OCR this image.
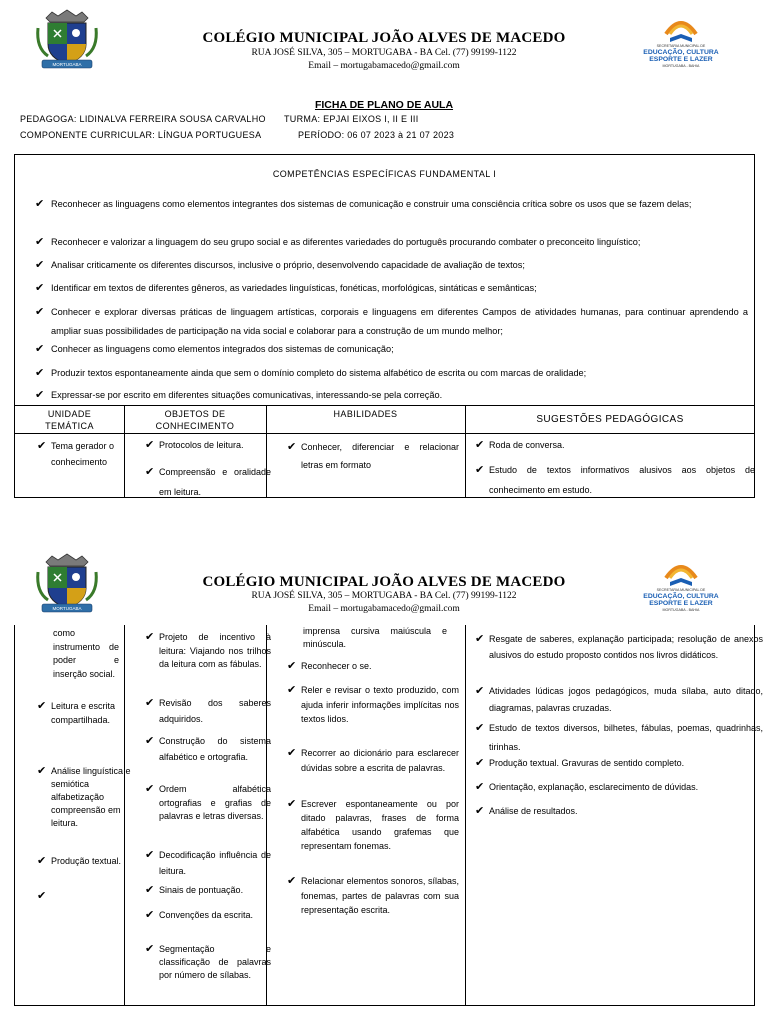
MORTUGABA
COLÉGIO MUNICIPAL JOÃO ALVES DE MACEDO
RUA JOSÉ SILVA, 305 – MORTUGABA - BA Cel. (77) 99199-1122
Email – mortugabamacedo@gmail.com
SECRETARIA MUNICIPAL DE
EDUCAÇÃO, CULTURA
ESPORTE E LAZER
MORTUGABA - BAHIA
FICHA DE PLANO DE AULA
PEDAGOGA: LIDINALVA FERREIRA SOUSA CARVALHO TURMA: EPJAI EIXOS I, II E III
COMPONENTE CURRICULAR: LÍNGUA PORTUGUESA	PERÍODO: 06 07 2023 à 21 07 2023
COMPETÊNCIAS ESPECÍFICAS FUNDAMENTAL I
✔ Reconhecer as linguagens como elementos integrantes dos sistemas de comunicação e construir uma consciência crítica sobre os usos que se fazem delas;
✔ Reconhecer e valorizar a linguagem do seu grupo social e as diferentes variedades do português procurando combater o preconceito linguístico;
✔ Analisar criticamente os diferentes discursos, inclusive o próprio, desenvolvendo capacidade de avaliação de textos;
✔ Identificar em textos de diferentes gêneros, as variedades linguísticas, fonéticas, morfológicas, sintáticas e semânticas;
✔ Conhecer e explorar diversas práticas de linguagem artísticas, corporais e linguagens em diferentes Campos de atividades humanas, para continuar aprendendo a ampliar suas possibilidades de participação na vida social e colaborar para a construção de um mundo melhor;
✔ Conhecer as linguagens como elementos integrados dos sistemas de comunicação;
✔ Produzir textos espontaneamente ainda que sem o domínio completo do sistema alfabético de escrita ou com marcas de oralidade;
✔ Expressar-se por escrito em diferentes situações comunicativas, interessando-se pela correção.
UNIDADE
TEMÁTICA
OBJETOS DE
CONHECIMENTO
HABILIDADES	SUGESTÕES PEDAGÓGICAS
✔ Tema gerador o conhecimento
✔ Protocolos de leitura.
✔ Compreensão e oralidade em leitura.
✔ Conhecer, diferenciar e relacionar letras em formato
✔ Roda de conversa.
✔ Estudo de textos informativos alusivos aos objetos de conhecimento em estudo.
MORTUGABA
COLÉGIO MUNICIPAL JOÃO ALVES DE MACEDO
RUA JOSÉ SILVA, 305 – MORTUGABA - BA Cel. (77) 99199-1122
Email – mortugabamacedo@gmail.com
SECRETARIA MUNICIPAL DE
EDUCAÇÃO, CULTURA
ESPORTE E LAZER
MORTUGABA - BAHIA
como instrumento de poder e inserção social.
✔ Leitura e escrita compartilhada.
✔ Análise linguística e semiótica alfabetização compreensão em leitura.
✔ Produção textual.
✔
✔ Projeto de incentivo à leitura: Viajando nos trilhos da leitura com as fábulas.
✔ Revisão dos saberes adquiridos.
✔ Construção do sistema alfabético e ortografia.
✔ Ordem alfabética ortografias e grafias de palavras e letras diversas.
✔ Decodificação influência de leitura.
✔ Sinais de pontuação.
✔ Convenções da escrita.
✔ Segmentação e classificação de palavras por número de sílabas.
imprensa cursiva maiúscula e minúscula.
✔ Reconhecer o se.
✔ Reler e revisar o texto produzido, com ajuda inferir informações implícitas nos textos lidos.
✔ Recorrer ao dicionário para esclarecer dúvidas sobre a escrita de palavras.
✔ Escrever espontaneamente ou por ditado palavras, frases de forma alfabética usando grafemas que representam fonemas.
✔ Relacionar elementos sonoros, sílabas, fonemas, partes de palavras com sua representação escrita.
✔ Resgate de saberes, explanação participada; resolução de anexos alusivos do estudo proposto contidos nos livros didáticos.
✔ Atividades lúdicas jogos pedagógicos, muda sílaba, auto ditado, diagramas, palavras cruzadas.
✔ Estudo de textos diversos, bilhetes, fábulas, poemas, quadrinhas, tirinhas.
✔ Produção textual. Gravuras de sentido completo.
✔ Orientação, explanação, esclarecimento de dúvidas.
✔ Análise de resultados.
